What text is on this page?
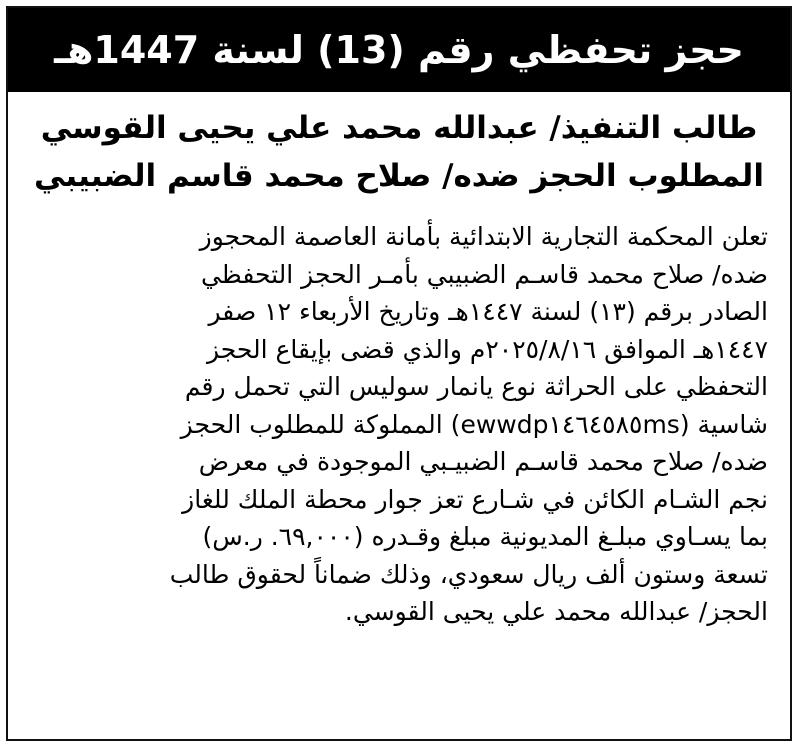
حجز تحفظي رقم (13) لسنة 1447هـ
طالب التنفيذ/ عبدالله محمد علي يحيى القوسي
المطلوب الحجز ضده/ صلاح محمد قاسم الضبيبي
تعلن المحكمة التجارية الابتدائية بأمانة العاصمة المحجوز
ضده/ صلاح محمد قاسـم الضبيبي بأمـر الحجز التحفظي
الصادر برقم (١٣) لسنة ١٤٤٧هـ وتاريخ الأربعاء ١٢ صفر
١٤٤٧هـ الموافق ٢٠٢٥/٨/١٦م والذي قضى بإيقاع الحجز
التحفظي على الحراثة نوع يانمار سوليس التي تحمل رقم
شاسية (ewwdp١٤٦٤٥٨٥ms) المملوكة للمطلوب الحجز
ضده/ صلاح محمد قاسـم الضبيـبي الموجودة في معرض
نجم الشـام الكائن في شـارع تعز جوار محطة الملك للغاز
بما يسـاوي مبلـغ المديونية مبلغ وقـدره (٦٩,٠٠٠. ر.س)
تسعة وستون ألف ريال سعودي، وذلك ضماناً لحقوق طالب
الحجز/ عبدالله محمد علي يحيى القوسي.
